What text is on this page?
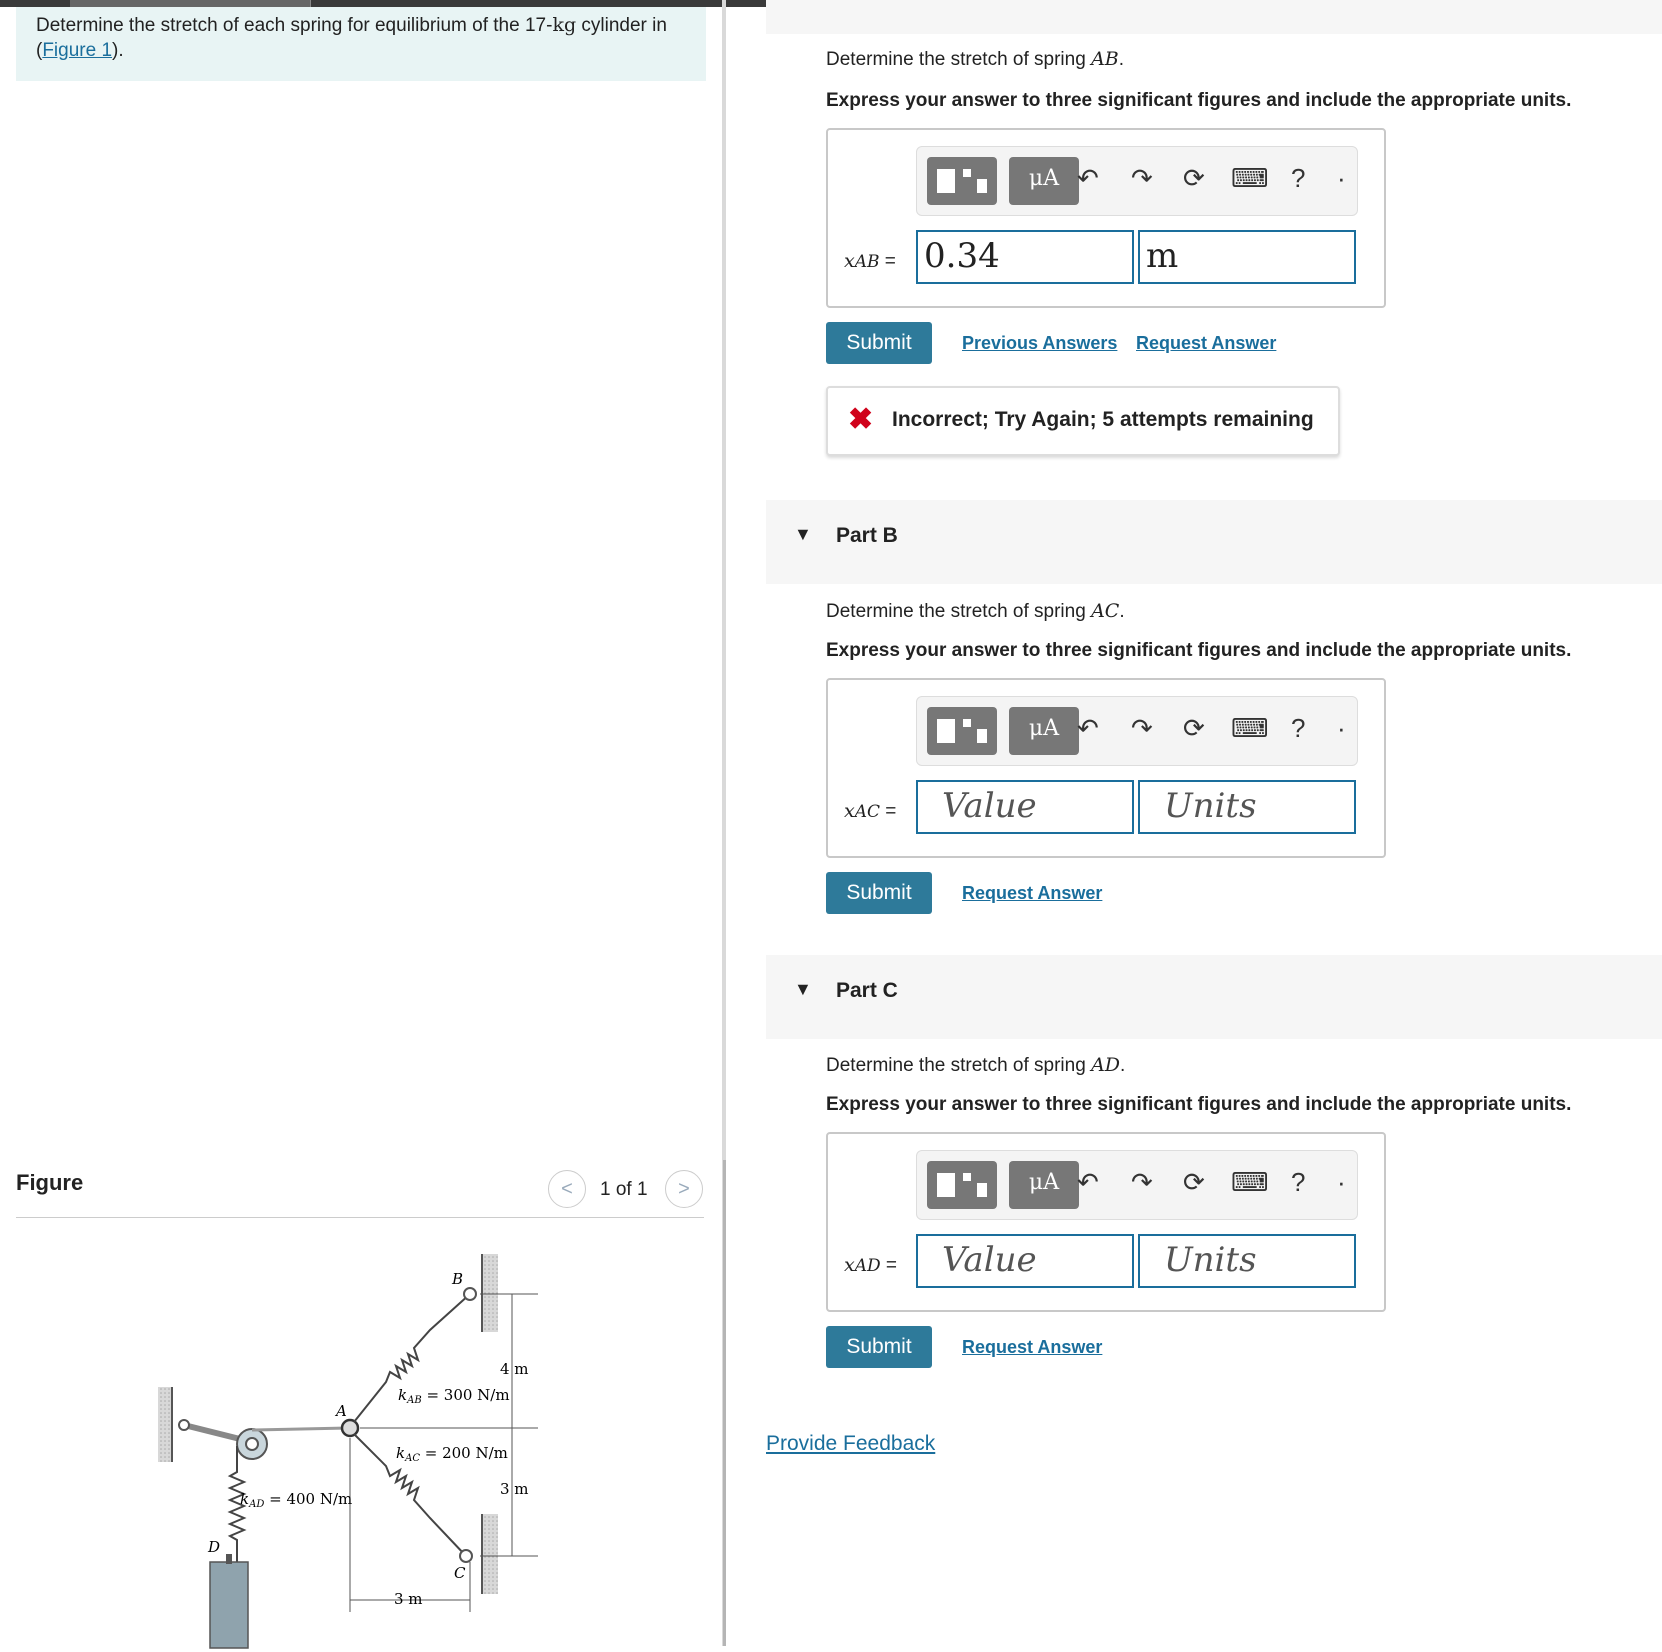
Determine the stretch of each spring for equilibrium of the 17-kg cylinder in
(Figure 1).

Figure	< 1 of 1 >
B
A
C
D
$k_{AB} = 300$ N/m
$k_{AC} = 200$ N/m
$k_{AD} = 400$ N/m
4 m
3 m
3 m
Determine the stretch of spring AB.
Express your answer to three significant figures and include the appropriate units.
μA ↶ ↷ ⟳ ⌨ ? ·
xAB = 0.34	m
Submit	Previous Answers Request Answer
✖ Incorrect; Try Again; 5 attempts remaining
▼ Part B
Determine the stretch of spring AC.
Express your answer to three significant figures and include the appropriate units.
μA ↶ ↷ ⟳ ⌨ ? ·
xAC =	Value	Units
Submit	Request Answer
▼ Part C
Determine the stretch of spring AD.
Express your answer to three significant figures and include the appropriate units.
μA ↶ ↷ ⟳ ⌨ ? ·
xAD =	Value	Units
Submit	Request Answer
Provide Feedback
